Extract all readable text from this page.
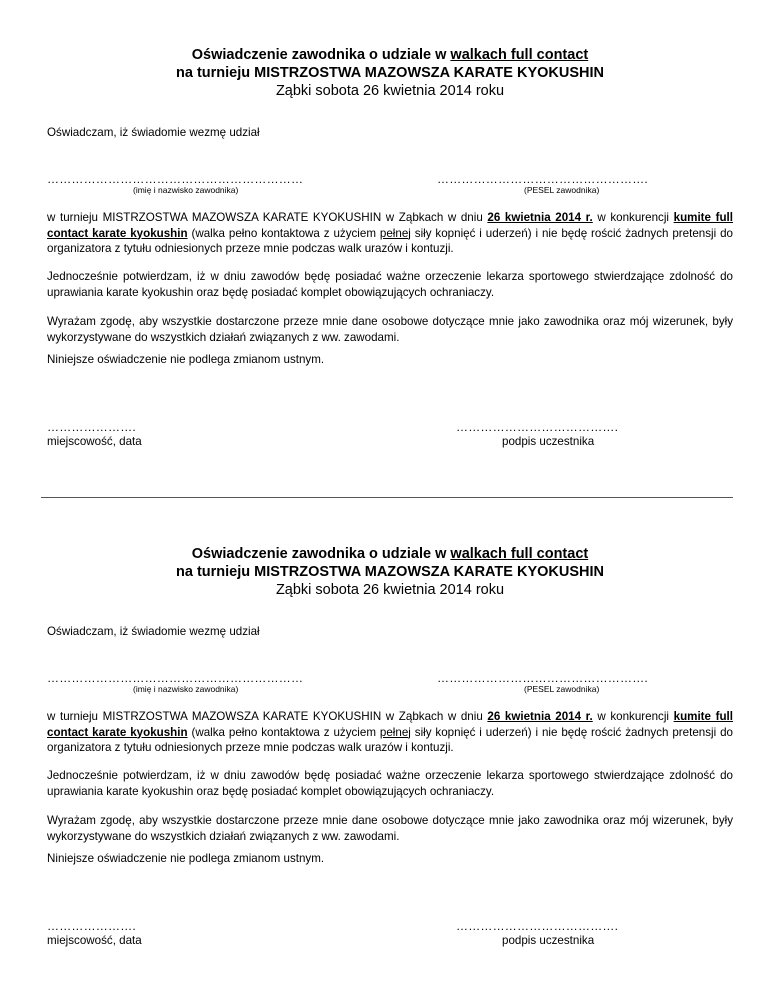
Oświadczenie zawodnika o udziale w walkach full contact
na turnieju MISTRZOSTWA MAZOWSZA KARATE KYOKUSHIN
Ząbki sobota 26 kwietnia 2014 roku
Oświadczam, iż świadomie wezmę udział
………………………………………………………	…………………………………………….
(imię i nazwisko zawodnika)	(PESEL zawodnika)

w turnieju MISTRZOSTWA MAZOWSZA KARATE KYOKUSHIN w Ząbkach w dniu 26 kwietnia 2014 r. w konkurencji kumite full contact karate kyokushin (walka pełno kontaktowa z użyciem pełnej siły kopnięć i uderzeń) i nie będę rościć żadnych pretensji do organizatora z tytułu odniesionych przeze mnie podczas walk urazów i kontuzji.

Jednocześnie potwierdzam, iż w dniu zawodów będę posiadać ważne orzeczenie lekarza sportowego stwierdzające zdolność do uprawiania karate kyokushin oraz będę posiadać komplet obowiązujących ochraniaczy.

Wyrażam zgodę, aby wszystkie dostarczone przeze mnie dane osobowe dotyczące mnie jako zawodnika oraz mój wizerunek, były wykorzystywane do wszystkich działań związanych z ww. zawodami.

Niniejsze oświadczenie nie podlega zmianom ustnym.
………………….	………………………………….
miejscowość, data	podpis uczestnika
Oświadczenie zawodnika o udziale w walkach full contact
na turnieju MISTRZOSTWA MAZOWSZA KARATE KYOKUSHIN
Ząbki sobota 26 kwietnia 2014 roku
Oświadczam, iż świadomie wezmę udział
………………………………………………………	…………………………………………….
(imię i nazwisko zawodnika)	(PESEL zawodnika)

w turnieju MISTRZOSTWA MAZOWSZA KARATE KYOKUSHIN w Ząbkach w dniu 26 kwietnia 2014 r. w konkurencji kumite full contact karate kyokushin (walka pełno kontaktowa z użyciem pełnej siły kopnięć i uderzeń) i nie będę rościć żadnych pretensji do organizatora z tytułu odniesionych przeze mnie podczas walk urazów i kontuzji.

Jednocześnie potwierdzam, iż w dniu zawodów będę posiadać ważne orzeczenie lekarza sportowego stwierdzające zdolność do uprawiania karate kyokushin oraz będę posiadać komplet obowiązujących ochraniaczy.

Wyrażam zgodę, aby wszystkie dostarczone przeze mnie dane osobowe dotyczące mnie jako zawodnika oraz mój wizerunek, były wykorzystywane do wszystkich działań związanych z ww. zawodami.

Niniejsze oświadczenie nie podlega zmianom ustnym.
………………….	………………………………….
miejscowość, data	podpis uczestnika
